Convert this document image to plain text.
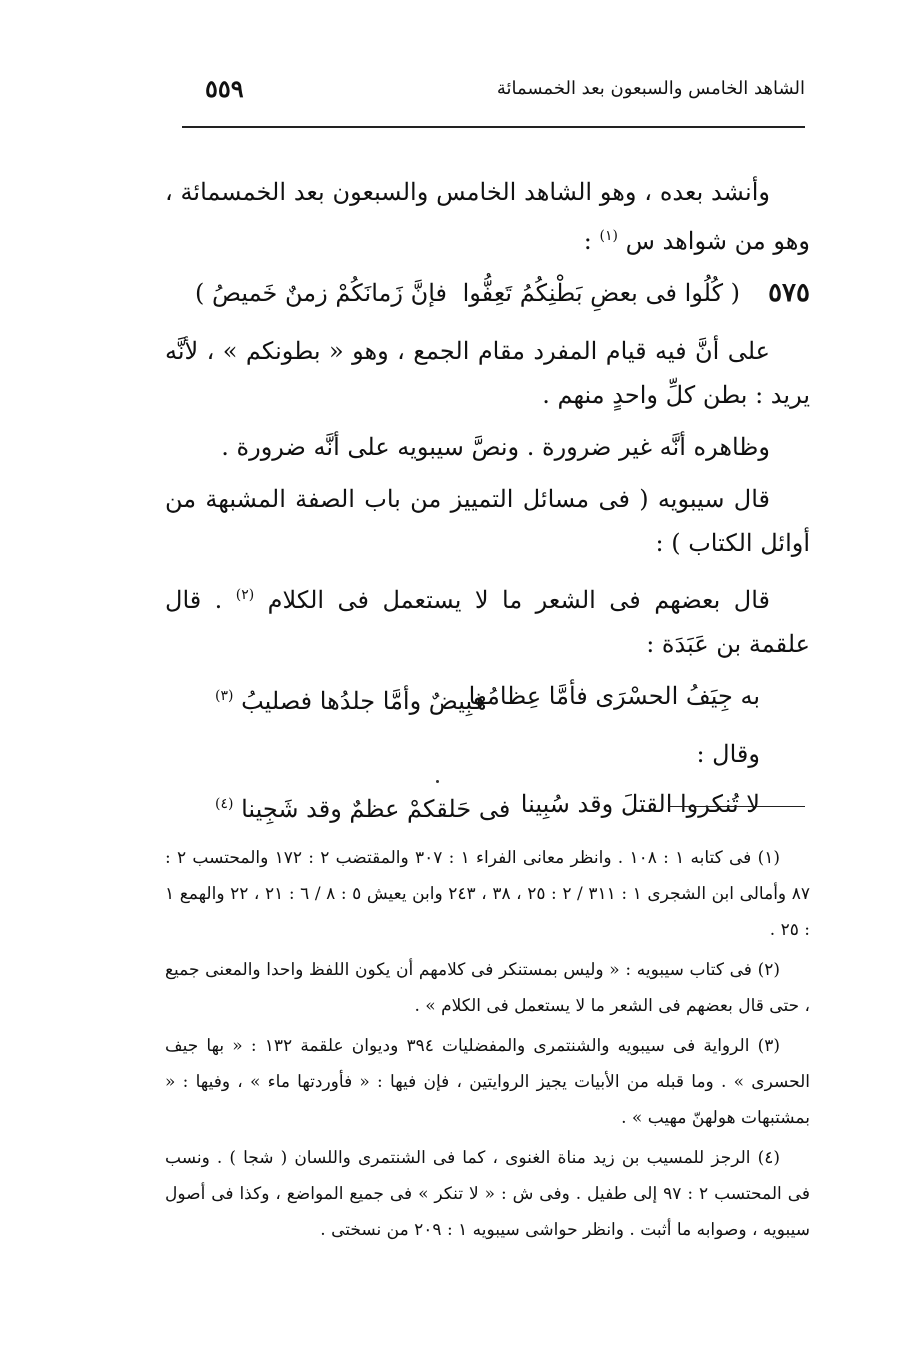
٥٥٩	الشاهد الخامس والسبعون بعد الخمسمائة

وأنشد بعده ، وهو الشاهد الخامس والسبعون بعد الخمسمائة ، وهو من شواهد س $^{(١)}$ :

٥٧٥
( كُلُوا فى بعضِ بَطْنِكُمُ تَعِفُّوا
فإنَّ زَمانَكُمْ زمنٌ خَميصُ )

على أنَّ فيه قيام المفرد مقام الجمع ، وهو « بطونكم » ، لأنَّه يريد : بطن كلِّ واحدٍ منهم .

وظاهره أنَّه غير ضرورة . ونصَّ سيبويه على أنَّه ضرورة .

قال سيبويه ( فى مسائل التمييز من باب الصفة المشبهة من أوائل الكتاب ) :

قال بعضهم فى الشعر ما لا يستعمل فى الكلام $^{(٢)}$ . قال علقمة بن عَبَدَة :

به جِيَفُ الحسْرَى فأمَّا عِظامُها
فبِيضٌ وأمَّا جلدُها فصليبُ $^{(٣)}$

وقال :

لا تُنكروا القتلَ وقد سُبِينا
فى حَلقكمْ عظمٌ وقد شَجِينا $^{(٤)}$

(١) فى كتابه ١ : ١٠٨ . وانظر معانى الفراء ١ : ٣٠٧ والمقتضب ٢ : ١٧٢ والمحتسب ٢ : ٨٧ وأمالى ابن الشجرى ١ : ٣١١ / ٢ : ٢٥ ، ٣٨ ، ٢٤٣ وابن يعيش ٥ : ٨ / ٦ : ٢١ ، ٢٢ والهمع ١ : ٢٥ .

(٢) فى كتاب سيبويه : « وليس بمستنكر فى كلامهم أن يكون اللفظ واحدا والمعنى جميع ، حتى قال بعضهم فى الشعر ما لا يستعمل فى الكلام » .

(٣) الرواية فى سيبويه والشنتمرى والمفضليات ٣٩٤ وديوان علقمة ١٣٢ : « بها جيف الحسرى » . وما قبله من الأبيات يجيز الروايتين ، فإن فيها : « فأوردتها ماء » ، وفيها : « بمشتبهات هولهنّ مهيب » .

(٤) الرجز للمسيب بن زيد مناة الغنوى ، كما فى الشنتمرى واللسان ( شجا ) . ونسب فى المحتسب ٢ : ٩٧ إلى طفيل . وفى ش : « لا تنكر » فى جميع المواضع ، وكذا فى أصول سيبويه ، وصوابه ما أثبت . وانظر حواشى سيبويه ١ : ٢٠٩ من نسختى .
